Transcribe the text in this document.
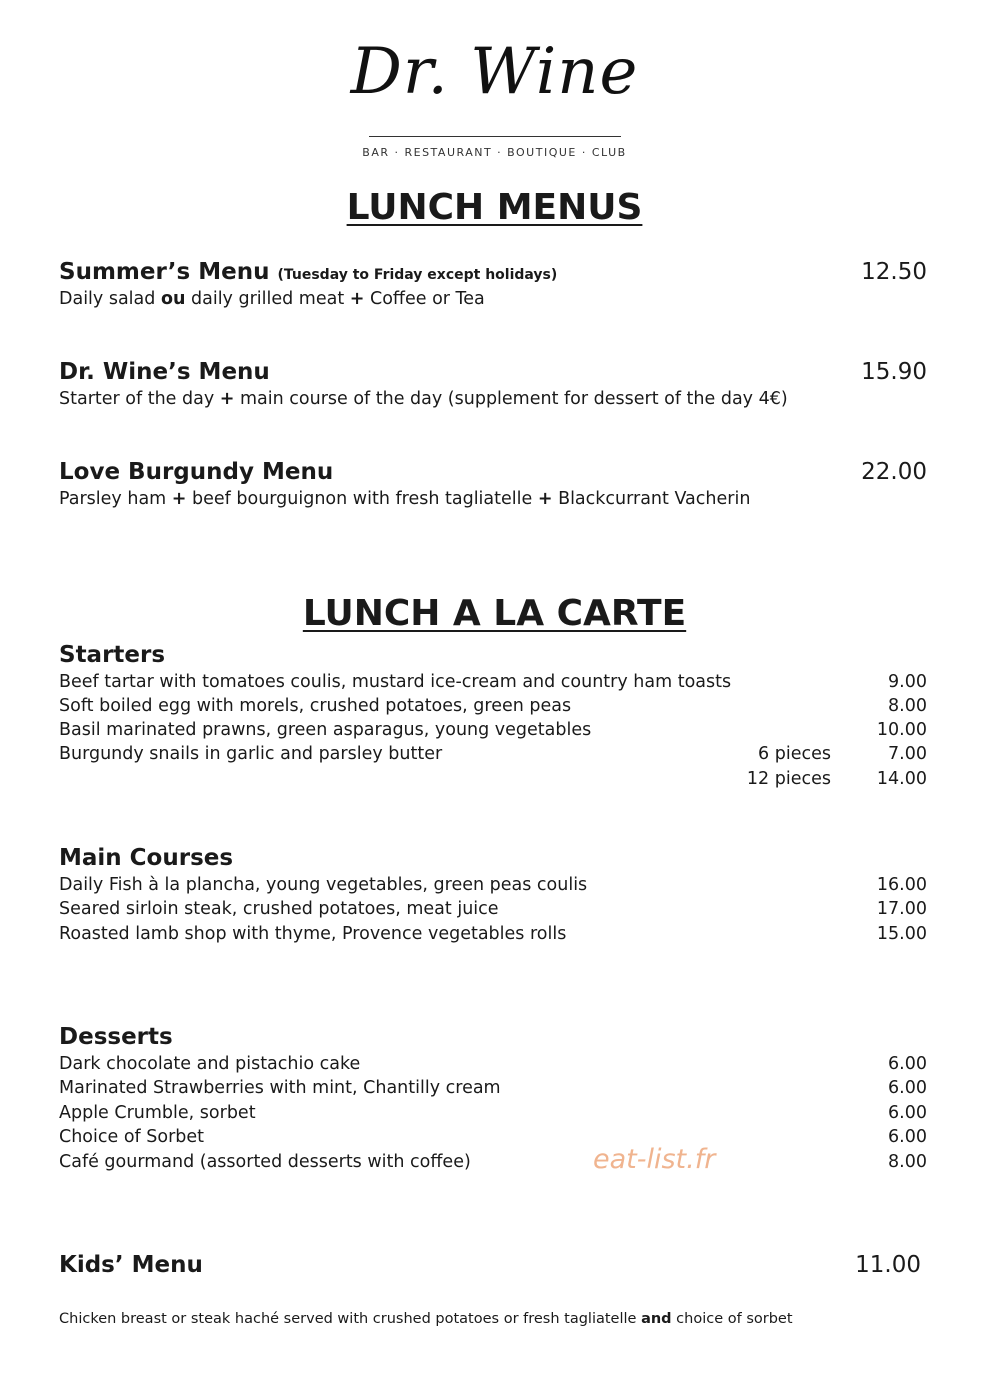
Dr. Wine
BAR · RESTAURANT · BOUTIQUE · CLUB
LUNCH MENUS
Summer’s Menu (Tuesday to Friday except holidays)	12.50
Daily salad ou daily grilled meat + Coffee or Tea
Dr. Wine’s Menu	15.90
Starter of the day + main course of the day (supplement for dessert of the day 4€)
Love Burgundy Menu	22.00
Parsley ham + beef bourguignon with fresh tagliatelle + Blackcurrant Vacherin
LUNCH A LA CARTE
Starters
Beef tartar with tomatoes coulis, mustard ice-cream and country ham toasts	9.00
Soft boiled egg with morels, crushed potatoes, green peas	8.00
Basil marinated prawns, green asparagus, young vegetables	10.00
Burgundy snails in garlic and parsley butter	6 pieces	7.00
12 pieces	14.00
Main Courses
Daily Fish à la plancha, young vegetables, green peas coulis	16.00
Seared sirloin steak, crushed potatoes, meat juice	17.00
Roasted lamb shop with thyme, Provence vegetables rolls	15.00
Desserts
Dark chocolate and pistachio cake	6.00
Marinated Strawberries with mint, Chantilly cream	6.00
Apple Crumble, sorbet	6.00
Choice of Sorbet	6.00
Café gourmand (assorted desserts with coffee)	8.00
eat-list.fr
Kids’ Menu	11.00
Chicken breast or steak haché served with crushed potatoes or fresh tagliatelle and choice of sorbet
